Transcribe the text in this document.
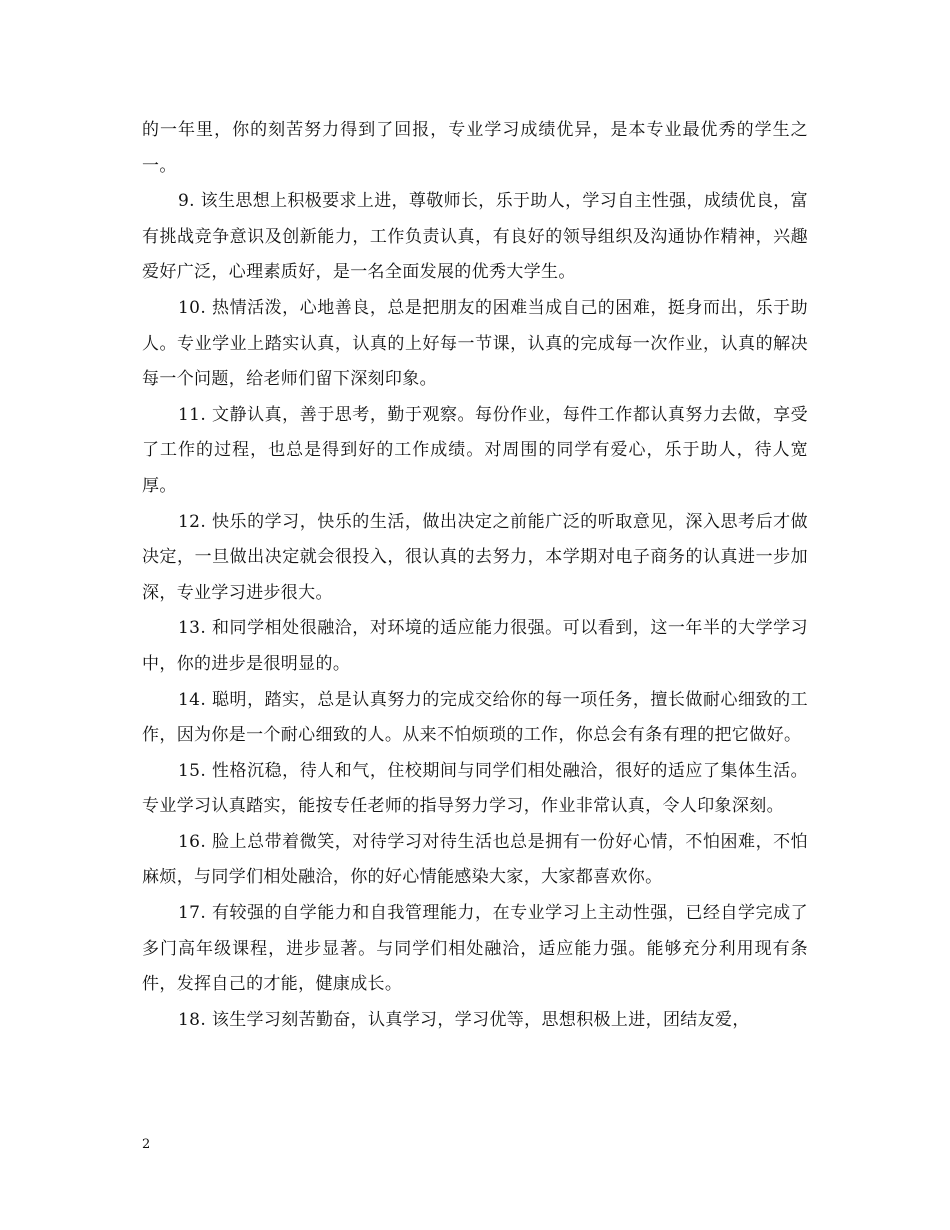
的一年里，你的刻苦努力得到了回报，专业学习成绩优异，是本专业最优秀的学生之一。

9. 该生思想上积极要求上进，尊敬师长，乐于助人，学习自主性强，成绩优良，富有挑战竞争意识及创新能力，工作负责认真，有良好的领导组织及沟通协作精神，兴趣爱好广泛，心理素质好，是一名全面发展的优秀大学生。

10. 热情活泼，心地善良，总是把朋友的困难当成自己的困难，挺身而出，乐于助人。专业学业上踏实认真，认真的上好每一节课，认真的完成每一次作业，认真的解决每一个问题，给老师们留下深刻印象。

11. 文静认真，善于思考，勤于观察。每份作业，每件工作都认真努力去做，享受了工作的过程，也总是得到好的工作成绩。对周围的同学有爱心，乐于助人，待人宽厚。

12. 快乐的学习，快乐的生活，做出决定之前能广泛的听取意见，深入思考后才做决定，一旦做出决定就会很投入，很认真的去努力，本学期对电子商务的认真进一步加深，专业学习进步很大。

13. 和同学相处很融洽，对环境的适应能力很强。可以看到，这一年半的大学学习中，你的进步是很明显的。

14. 聪明，踏实，总是认真努力的完成交给你的每一项任务，擅长做耐心细致的工作，因为你是一个耐心细致的人。从来不怕烦琐的工作，你总会有条有理的把它做好。

15. 性格沉稳，待人和气，住校期间与同学们相处融洽，很好的适应了集体生活。专业学习认真踏实，能按专任老师的指导努力学习，作业非常认真，令人印象深刻。

16. 脸上总带着微笑，对待学习对待生活也总是拥有一份好心情，不怕困难，不怕麻烦，与同学们相处融洽，你的好心情能感染大家，大家都喜欢你。

17. 有较强的自学能力和自我管理能力，在专业学习上主动性强，已经自学完成了多门高年级课程，进步显著。与同学们相处融洽，适应能力强。能够充分利用现有条件，发挥自己的才能，健康成长。

18. 该生学习刻苦勤奋，认真学习，学习优等，思想积极上进，团结友爱，

2
